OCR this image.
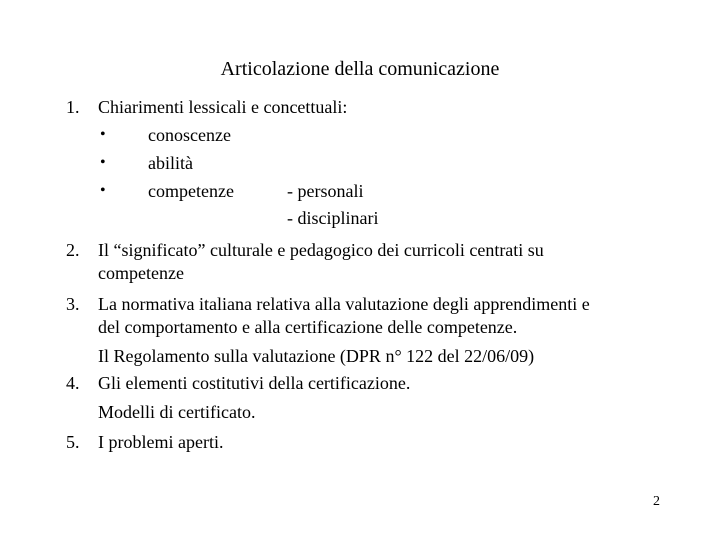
Articolazione della comunicazione
1. Chiarimenti lessicali e concettuali:
• conoscenze
• abilità
• competenze	- personali
- disciplinari
2. Il “significato” culturale e pedagogico dei curricoli centrati su
competenze
3. La normativa italiana relativa alla valutazione degli apprendimenti e
del comportamento e alla certificazione delle competenze.
Il Regolamento sulla valutazione (DPR n° 122 del 22/06/09)
4. Gli elementi costitutivi della certificazione.
Modelli di certificato.
5. I problemi aperti.
2
